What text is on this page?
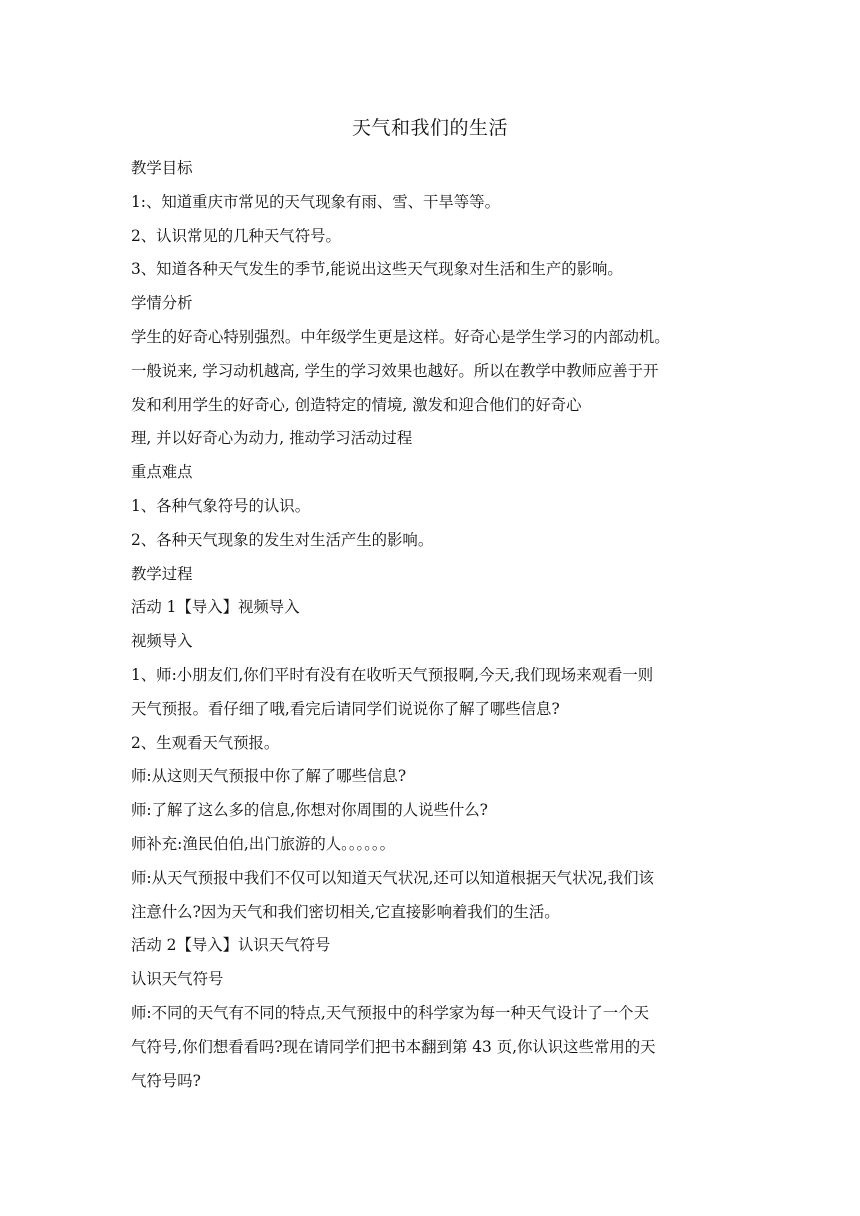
天气和我们的生活
教学目标
1:、知道重庆市常见的天气现象有雨、雪、干旱等等。
2、认识常见的几种天气符号。
3、知道各种天气发生的季节,能说出这些天气现象对生活和生产的影响。
学情分析
学生的好奇心特别强烈。中年级学生更是这样。好奇心是学生学习的内部动机。
一般说来, 学习动机越高, 学生的学习效果也越好。所以在教学中教师应善于开
发和利用学生的好奇心, 创造特定的情境, 激发和迎合他们的好奇心
理, 并以好奇心为动力, 推动学习活动过程
重点难点
1、各种气象符号的认识。
2、各种天气现象的发生对生活产生的影响。
教学过程
活动 1【导入】视频导入
视频导入
1、师:小朋友们,你们平时有没有在收听天气预报啊,今天,我们现场来观看一则
天气预报。看仔细了哦,看完后请同学们说说你了解了哪些信息?
2、生观看天气预报。
师:从这则天气预报中你了解了哪些信息?
师:了解了这么多的信息,你想对你周围的人说些什么?
师补充:渔民伯伯,出门旅游的人。。。。。。
师:从天气预报中我们不仅可以知道天气状况,还可以知道根据天气状况,我们该
注意什么?因为天气和我们密切相关,它直接影响着我们的生活。
活动 2【导入】认识天气符号
认识天气符号
师:不同的天气有不同的特点,天气预报中的科学家为每一种天气设计了一个天
气符号,你们想看看吗?现在请同学们把书本翻到第 43 页,你认识这些常用的天
气符号吗?
